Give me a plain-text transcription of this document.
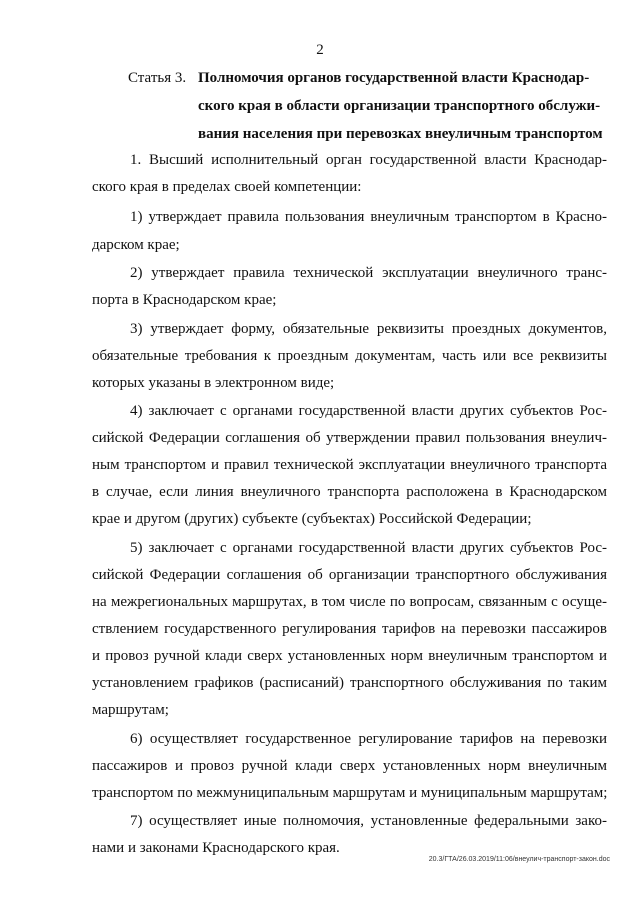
2
Статья 3. Полномочия органов государственной власти Краснодар-
ского края в области организации транспортного обслужи-
вания населения при перевозках внеуличным транспортом
1. Высший исполнительный орган государственной власти Краснодар-
ского края в пределах своей компетенции:
1) утверждает правила пользования внеуличным транспортом в Красно-
дарском крае;
2) утверждает правила технической эксплуатации внеуличного транс-
порта в Краснодарском крае;
3) утверждает форму, обязательные реквизиты проездных документов,
обязательные требования к проездным документам, часть или все реквизиты
которых указаны в электронном виде;
4) заключает с органами государственной власти других субъектов Рос-
сийской Федерации соглашения об утверждении правил пользования внеулич-
ным транспортом и правил технической эксплуатации внеуличного транспорта
в случае, если линия внеуличного транспорта расположена в Краснодарском
крае и другом (других) субъекте (субъектах) Российской Федерации;
5) заключает с органами государственной власти других субъектов Рос-
сийской Федерации соглашения об организации транспортного обслуживания
на межрегиональных маршрутах, в том числе по вопросам, связанным с осуще-
ствлением государственного регулирования тарифов на перевозки пассажиров
и провоз ручной клади сверх установленных норм внеуличным транспортом и
установлением графиков (расписаний) транспортного обслуживания по таким
маршрутам;
6) осуществляет государственное регулирование тарифов на перевозки
пассажиров и провоз ручной клади сверх установленных норм внеуличным
транспортом по межмуниципальным маршрутам и муниципальным маршрутам;
7) осуществляет иные полномочия, установленные федеральными зако-
нами и законами Краснодарского края.
20.3/ГТА/26.03.2019/11:06/внеулич-транспорт-закон.doc
